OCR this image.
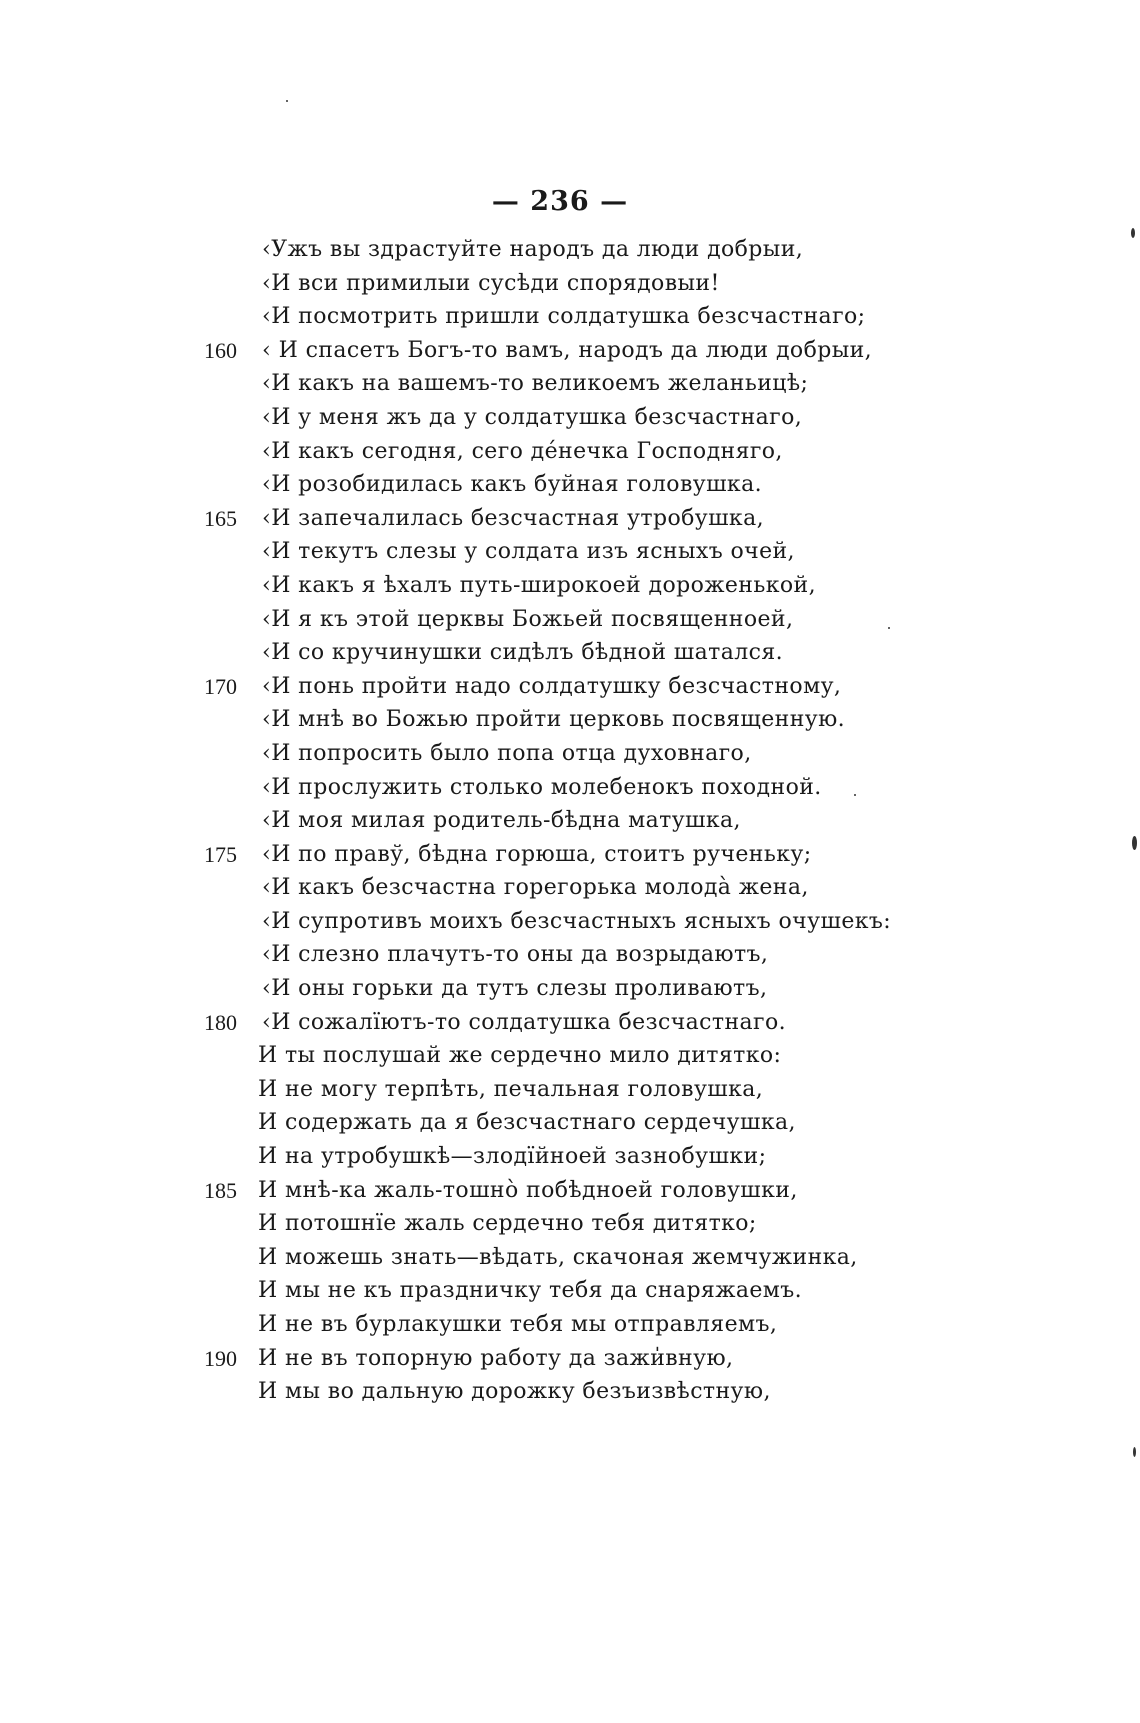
— 236 —
‹Ужъ вы здрастуйте народъ да люди добрыи,
‹И вси примилыи сусѣди спорядовыи!
‹И посмотрить пришли солдатушка безсчастнаго;
160	‹ И спасетъ Богъ-то вамъ, народъ да люди добрыи,
‹И какъ на вашемъ-то великоемъ желаньицѣ;
‹И у меня жъ да у солдатушка безсчастнаго,
‹И какъ сегодня, сего де́нечка Господняго,
‹И розобидилась какъ буйная головушка.
165	‹И запечалилась безсчастная утробушка,
‹И текутъ слезы у солдата изъ ясныхъ очей,
‹И какъ я ѣхалъ путь-широкоей дороженькой,
‹И я къ этой церквы Божьей посвященноей,
‹И со кручинушки сидѣлъ бѣдной шатался.
170	‹И понь пройти надо солдатушку безсчастному,
‹И мнѣ во Божью пройти церковь посвященную.
‹И попросить было попа отца духовнаго,
‹И прослужить столько молебенокъ походной.
‹И моя милая родитель-бѣдна матушка,
175	‹И по правў, бѣдна горюша, стоитъ рученьку;
‹И какъ безсчастна горегорька молода̀ жена,
‹И супротивъ моихъ безсчастныхъ ясныхъ очушекъ:
‹И слезно плачутъ-то оны да возрыдаютъ,
‹И оны горьки да тутъ слезы проливаютъ,
180	‹И сожалїютъ-то солдатушка безсчастнаго.
И ты послушай же сердечно мило дитятко:
И не могу терпѣть, печальная головушка,
И содержать да я безсчастнаго сердечушка,
И на утробушкѣ—злодїйноей зазнобушки;
185 И мнѣ-ка жаль-тошно̀ побѣдноей головушки,
И потошнїе жаль сердечно тебя дитятко;
И можешь знать—вѣдать, скачоная жемчужинка,
И мы не къ праздничку тебя да снаряжаемъ.
И не въ бурлакушки тебя мы отправляемъ,
190 И не въ топорную работу да зажи̍вную,
И мы во дальную дорожку безъизвѣстную,
